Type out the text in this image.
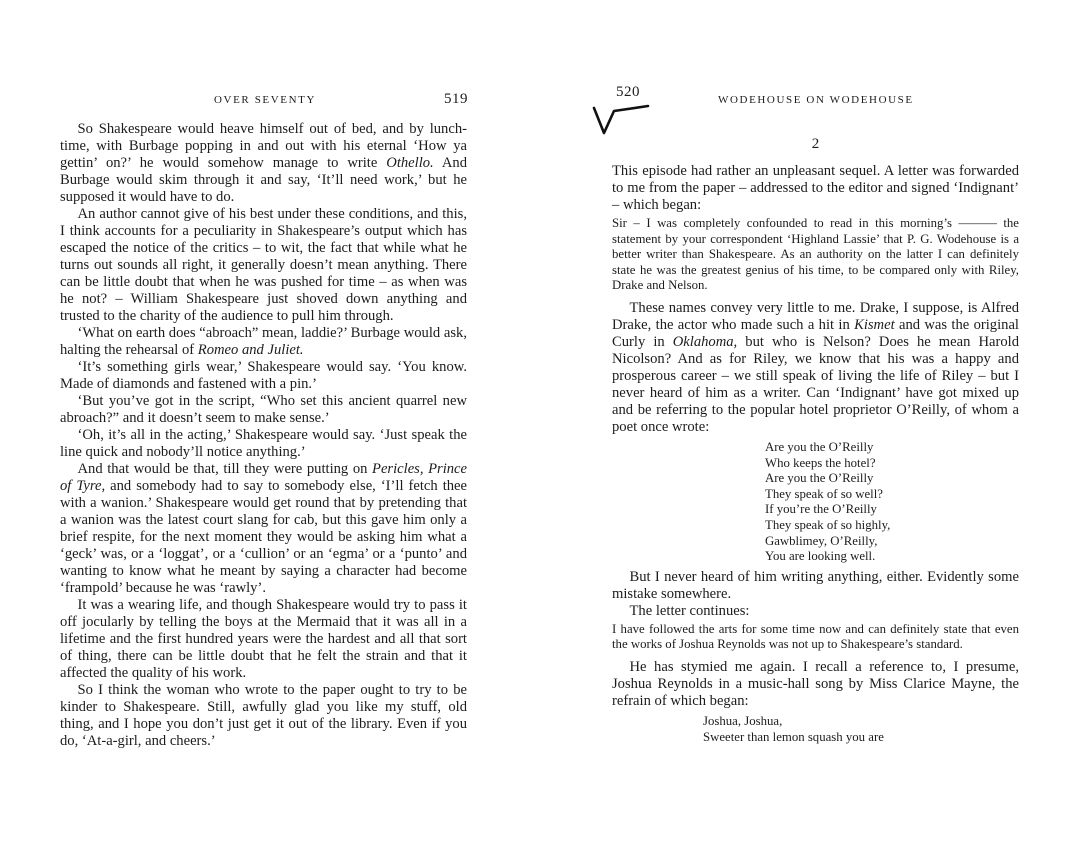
OVER SEVENTY	519

So Shakespeare would heave himself out of bed, and by lunch-time, with Burbage popping in and out with his eternal ‘How ya gettin’ on?’ he would somehow manage to write Othello. And Burbage would skim through it and say, ‘It’ll need work,’ but he supposed it would have to do.

An author cannot give of his best under these conditions, and this, I think accounts for a peculiarity in Shakespeare’s output which has escaped the notice of the critics – to wit, the fact that while what he turns out sounds all right, it generally doesn’t mean anything. There can be little doubt that when he was pushed for time – as when was he not? – William Shakespeare just shoved down anything and trusted to the charity of the audience to pull him through.

‘What on earth does “abroach” mean, laddie?’ Burbage would ask, halting the rehearsal of Romeo and Juliet.

‘It’s something girls wear,’ Shakespeare would say. ‘You know. Made of diamonds and fastened with a pin.’

‘But you’ve got in the script, “Who set this ancient quarrel new abroach?” and it doesn’t seem to make sense.’

‘Oh, it’s all in the acting,’ Shakespeare would say. ‘Just speak the line quick and nobody’ll notice anything.’

And that would be that, till they were putting on Pericles, Prince of Tyre, and somebody had to say to somebody else, ‘I’ll fetch thee with a wanion.’ Shakespeare would get round that by pretending that a wanion was the latest court slang for cab, but this gave him only a brief respite, for the next moment they would be asking him what a ‘geck’ was, or a ‘loggat’, or a ‘cullion’ or an ‘egma’ or a ‘punto’ and wanting to know what he meant by saying a character had become ‘frampold’ because he was ‘rawly’.

It was a wearing life, and though Shakespeare would try to pass it off jocularly by telling the boys at the Mermaid that it was all in a lifetime and the first hundred years were the hardest and all that sort of thing, there can be little doubt that he felt the strain and that it affected the quality of his work.

So I think the woman who wrote to the paper ought to try to be kinder to Shakespeare. Still, awfully glad you like my stuff, old thing, and I hope you don’t just get it out of the library. Even if you do, ‘At-a-girl, and cheers.’

520	WODEHOUSE ON WODEHOUSE
2

This episode had rather an unpleasant sequel. A letter was forwarded to me from the paper – addressed to the editor and signed ‘Indignant’ – which began:

Sir – I was completely confounded to read in this morning’s ——— the statement by your correspondent ‘Highland Lassie’ that P. G. Wodehouse is a better writer than Shakespeare. As an authority on the latter I can definitely state he was the greatest genius of his time, to be compared only with Riley, Drake and Nelson.

These names convey very little to me. Drake, I suppose, is Alfred Drake, the actor who made such a hit in Kismet and was the original Curly in Oklahoma, but who is Nelson? Does he mean Harold Nicolson? And as for Riley, we know that his was a happy and prosperous career – we still speak of living the life of Riley – but I never heard of him as a writer. Can ‘Indignant’ have got mixed up and be referring to the popular hotel proprietor O’Reilly, of whom a poet once wrote:

Are you the O’Reilly
Who keeps the hotel?
Are you the O’Reilly
They speak of so well?
If you’re the O’Reilly
They speak of so highly,
Gawblimey, O’Reilly,
You are looking well.

But I never heard of him writing anything, either. Evidently some mistake somewhere.

The letter continues:

I have followed the arts for some time now and can definitely state that even the works of Joshua Reynolds was not up to Shakespeare’s standard.

He has stymied me again. I recall a reference to, I presume, Joshua Reynolds in a music-hall song by Miss Clarice Mayne, the refrain of which began:

Joshua, Joshua,
Sweeter than lemon squash you are
